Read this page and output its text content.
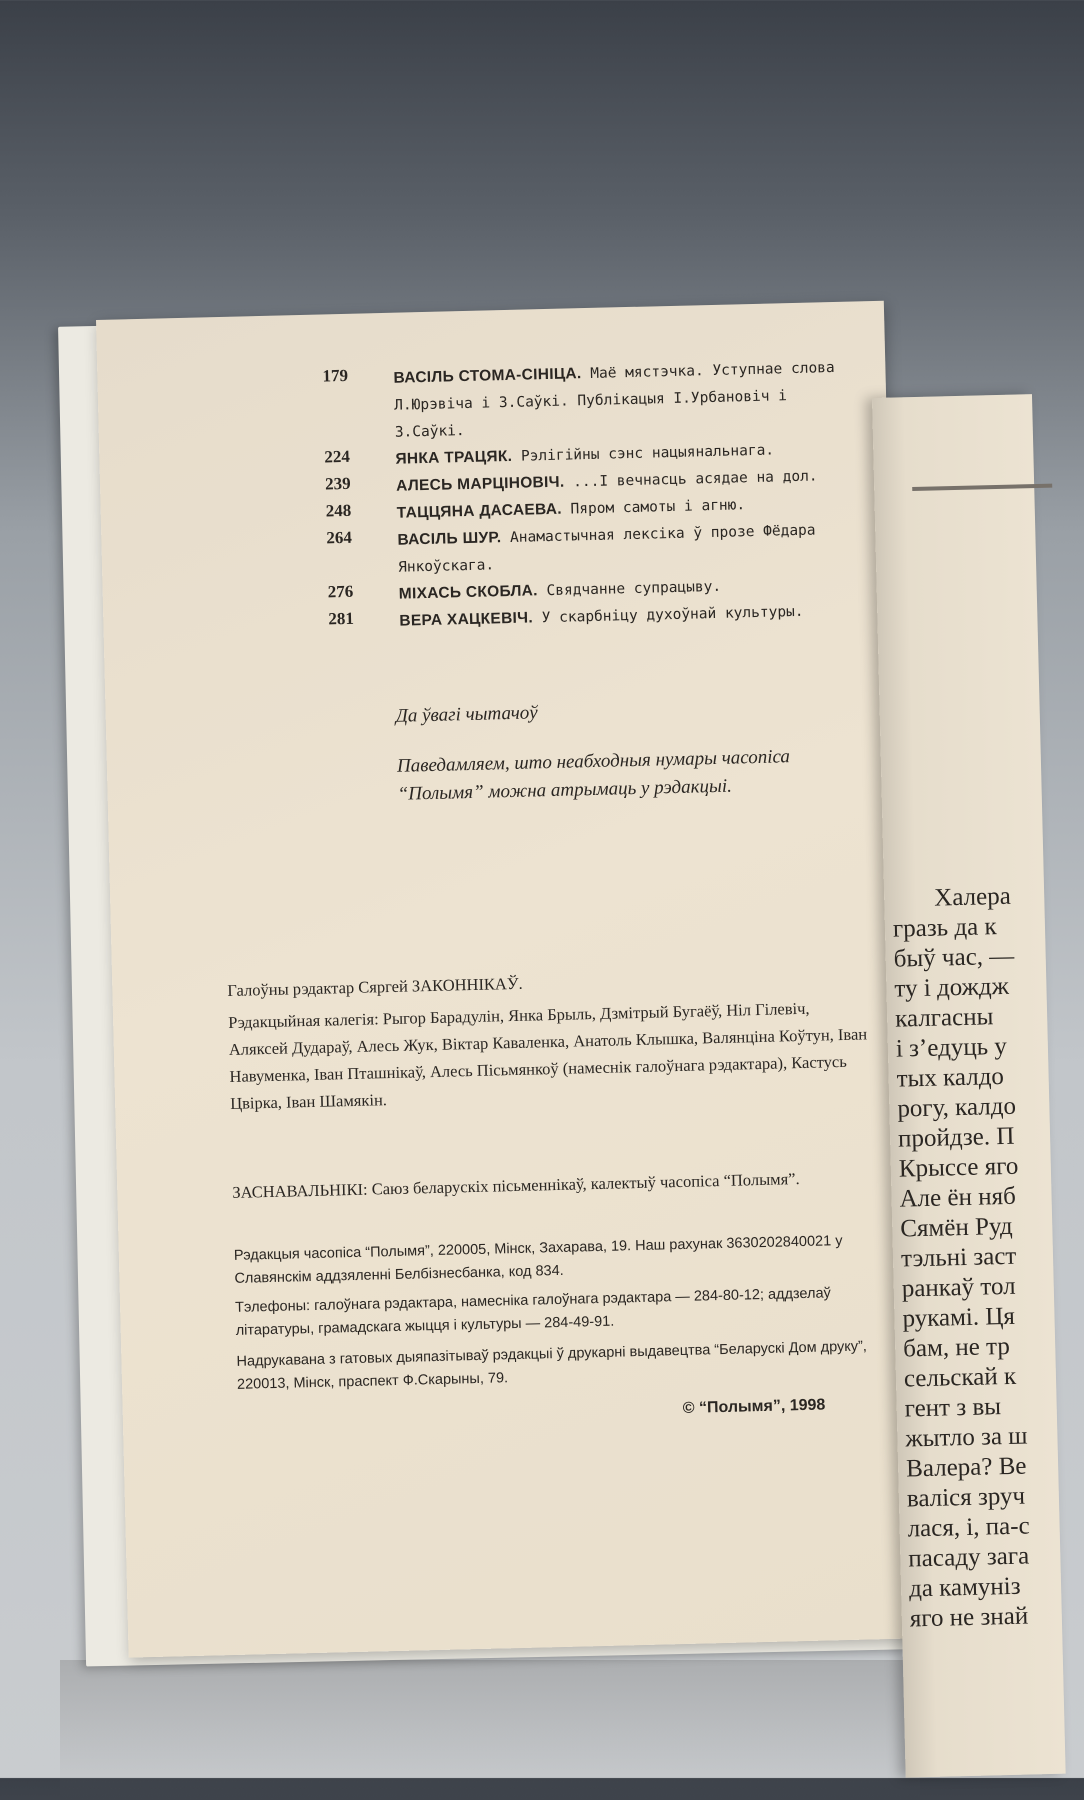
179	ВАСІЛЬ СТОМА-СІНІЦА. Маё мястэчка. Уступнае слова Л.Юрэвіча і З.Саўкі. Публікацыя І.Урбановіч і З.Саўкі.
224	ЯНКА ТРАЦЯК. Рэлігійны сэнс нацыянальнага.
239	АЛЕСЬ МАРЦІНОВІЧ. ...І вечнасць асядае на дол.
248	ТАЦЦЯНА ДАСАЕВА. Пяром самоты і агню.
264	ВАСІЛЬ ШУР. Анамастычная лексіка ў прозе Фёдара Янкоўскага.
276	МІХАСЬ СКОБЛА. Свядчанне супрацыву.
281	ВЕРА ХАЦКЕВІЧ. У скарбніцу духоўнай культуры.
Да ўвагі чытачоў
Паведамляем, што неабходныя нумары часопіса “Полымя” можна атрымаць у рэдакцыі.
Галоўны рэдактар Сяргей ЗАКОННІКАЎ.
Рэдакцыйная калегія: Рыгор Барадулін, Янка Брыль, Дзмітрый Бугаёў, Ніл Гілевіч, Аляксей Дудараў, Алесь Жук, Віктар Каваленка, Анатоль Клышка, Валянціна Коўтун, Іван Навуменка, Іван Пташнікаў, Алесь Пісьмянкоў (намеснік галоўнага рэдактара), Кастусь Цвірка, Іван Шамякін.
ЗАСНАВАЛЬНІКІ: Саюз беларускіх пісьменнікаў, калектыў часопіса “Полымя”.
Рэдакцыя часопіса “Полымя”, 220005, Мінск, Захарава, 19. Наш рахунак 3630202840021 у Славянскім аддзяленні Белбізнесбанка, код 834.
Тэлефоны: галоўнага рэдактара, намесніка галоўнага рэдактара — 284-80-12; аддзелаў літаратуры, грамадскага жыцця і культуры — 284-49-91.
Надрукавана з гатовых дыяпазітываў рэдакцыі ў друкарні выдавецтва “Беларускі Дом друку”, 220013, Мінск, праспект Ф.Скарыны, 79.
© “Полымя”, 1998
Халера
гразь да к
быў час, —
ту і дождж
калгасны
і з’едуць у
тых калдо
рогу, калдо
пройдзе. П
Крыссе яго
Але ён няб
Сямён Руд
тэльні заст
ранкаў тол
рукамі. Ця
бам, не тр
сельскай к
гент з вы
жытло за ш
Валера? Ве
валіся зруч
лася, і, па-с
пасаду зага
да камуніз
яго не знай
